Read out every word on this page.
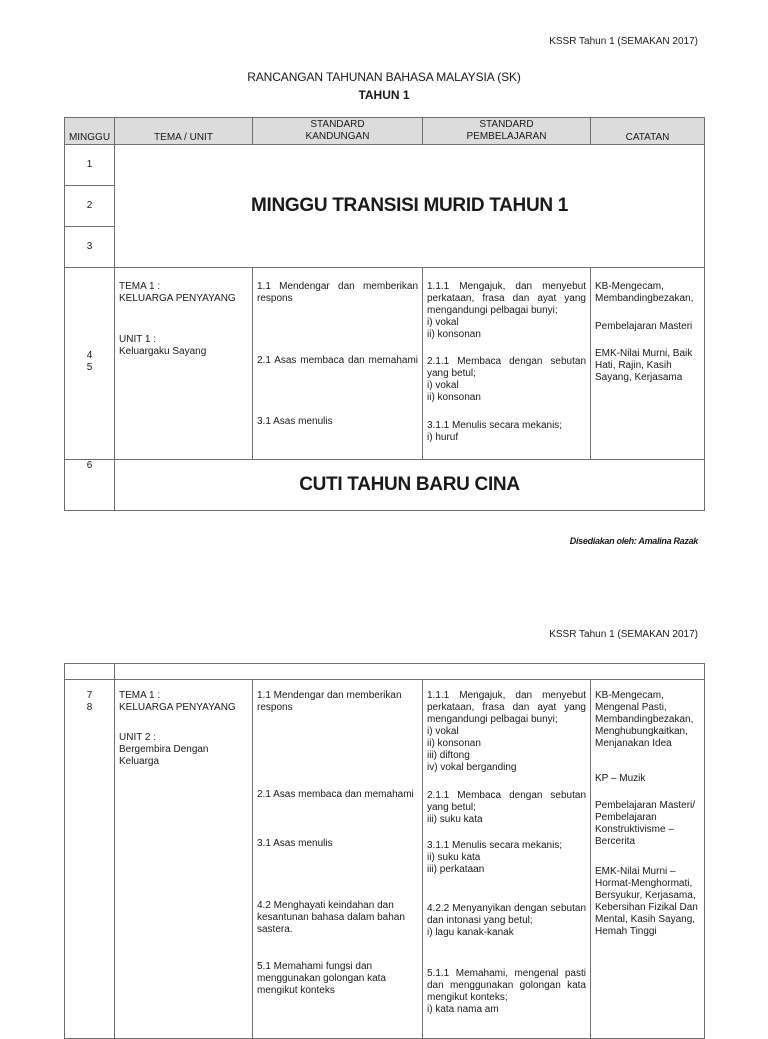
KSSR Tahun 1 (SEMAKAN 2017)
RANCANGAN TAHUNAN BAHASA MALAYSIA (SK)
TAHUN 1
MINGGU	TEMA / UNIT
STANDARD
KANDUNGAN
STANDARD
PEMBELAJARAN	CATATAN
1
2
3
MINGGU TRANSISI MURID TAHUN 1
4
5
TEMA 1 :
KELUARGA PENYAYANG
UNIT 1 :
Keluargaku Sayang
1.1 Mendengar dan memberikan respons
2.1 Asas membaca dan memahami
3.1 Asas menulis
1.1.1 Mengajuk, dan menyebut perkataan, frasa dan ayat yang mengandungi pelbagai bunyi;
i) vokal
ii) konsonan
2.1.1 Membaca dengan sebutan yang betul;
i) vokal
ii) konsonan
3.1.1 Menulis secara mekanis;
i) huruf
KB-Mengecam, Membandingbezakan,
Pembelajaran Masteri
EMK-Nilai Murni, Baik Hati, Rajin, Kasih Sayang, Kerjasama
6
CUTI TAHUN BARU CINA
Disediakan oleh: Amalina Razak
KSSR Tahun 1 (SEMAKAN 2017)
7
8
TEMA 1 :
KELUARGA PENYAYANG
UNIT 2 :
Bergembira Dengan Keluarga
1.1 Mendengar dan memberikan respons
2.1 Asas membaca dan memahami
3.1 Asas menulis
4.2 Menghayati keindahan dan kesantunan bahasa dalam bahan sastera.
5.1 Memahami fungsi dan menggunakan golongan kata mengikut konteks
1.1.1 Mengajuk, dan menyebut perkataan, frasa dan ayat yang mengandungi pelbagai bunyi;
i) vokal
ii) konsonan
iii) diftong
iv) vokal berganding
2.1.1 Membaca dengan sebutan yang betul;
iii) suku kata
3.1.1 Menulis secara mekanis;
ii) suku kata
iii) perkataan
4.2.2 Menyanyikan dengan sebutan dan intonasi yang betul;
i) lagu kanak-kanak
5.1.1 Memahami, mengenal pasti dan menggunakan golongan kata mengikut konteks;
i) kata nama am
KB-Mengecam, Mengenal Pasti, Membandingbezakan, Menghubungkaitkan, Menjanakan Idea
KP – Muzik
Pembelajaran Masteri/ Pembelajaran Konstruktivisme – Bercerita
EMK-Nilai Murni – Hormat-Menghormati, Bersyukur, Kerjasama, Kebersihan Fizikal Dan Mental, Kasih Sayang, Hemah Tinggi
